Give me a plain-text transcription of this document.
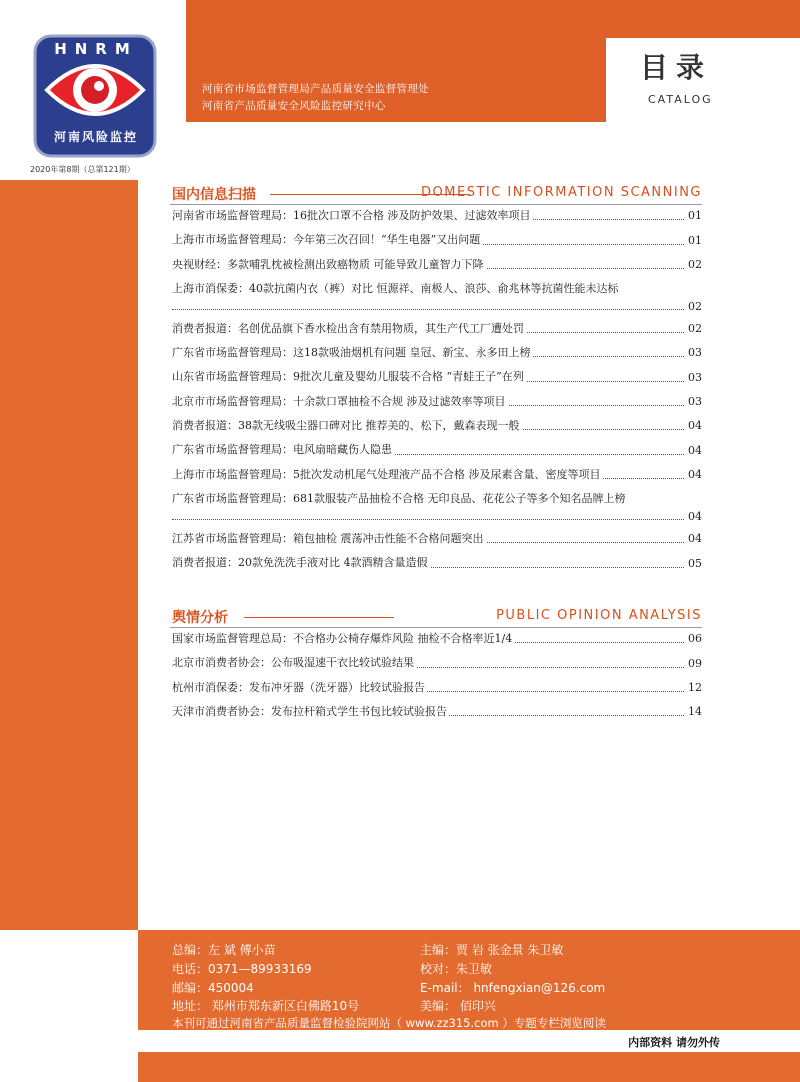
HNRM
河南风险监控
2020年第8期（总第121期）
河南省市场监督管理局产品质量安全监督管理处
河南省产品质量安全风险监控研究中心
目录
CATALOG
国内信息扫描	DOMESTIC INFORMATION SCANNING
河南省市场监督管理局：16批次口罩不合格 涉及防护效果、过滤效率项目	01
上海市市场监督管理局：今年第三次召回！“华生电器”又出问题	01
央视财经：多款哺乳枕被检测出致癌物质 可能导致儿童智力下降	02
上海市消保委：40款抗菌内衣（裤）对比 恒源祥、南极人、浪莎、俞兆林等抗菌性能未达标
02
消费者报道：名创优品旗下香水检出含有禁用物质，其生产代工厂遭处罚	02
广东省市场监督管理局：这18款吸油烟机有问题 皇冠、新宝、永多田上榜	03
山东省市场监督管理局：9批次儿童及婴幼儿服装不合格 “青蛙王子”在列	03
北京市市场监督管理局：十余款口罩抽检不合规 涉及过滤效率等项目	03
消费者报道：38款无线吸尘器口碑对比 推荐美的、松下，戴森表现一般	04
广东省市场监督管理局：电风扇暗藏伤人隐患	04
上海市市场监督管理局：5批次发动机尾气处理液产品不合格 涉及尿素含量、密度等项目	04
广东省市场监督管理局：681款服装产品抽检不合格 无印良品、花花公子等多个知名品牌上榜
04
江苏省市场监督管理局：箱包抽检 震荡冲击性能不合格问题突出	04
消费者报道：20款免洗洗手液对比 4款酒精含量造假	05
舆情分析	PUBLIC OPINION ANALYSIS
国家市场监督管理总局：不合格办公椅存爆炸风险 抽检不合格率近1/4	06
北京市消费者协会：公布吸湿速干衣比较试验结果	09
杭州市消保委：发布冲牙器（洗牙器）比较试验报告	12
天津市消费者协会：发布拉杆箱式学生书包比较试验报告	14
总编：左 斌 傅小苗	主编：贾 岩 张金景 朱卫敏
电话：0371—89933169	校对：朱卫敏
邮编：450004	E-mail： hnfengxian@126.com
地址： 郑州市郑东新区白佛路10号	美编： 佰印兴
本刊可通过河南省产品质量监督检验院网站（ www.zz315.com ）专题专栏浏览阅读
内部资料 请勿外传
